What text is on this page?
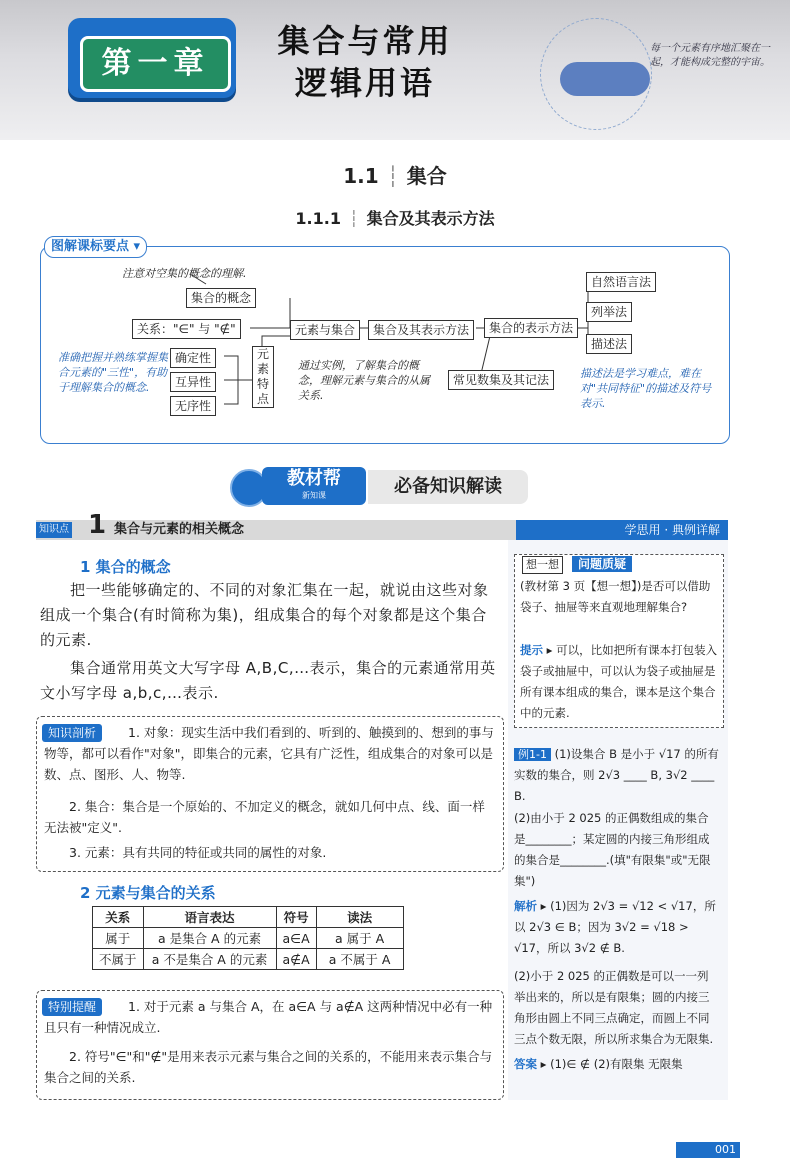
第一章
集合与常用
逻辑用语
每一个元素有序地汇聚在一起，才能构成完整的宇宙。
1.1 ┆ 集合
1.1.1 ┆ 集合及其表示方法
图解课标要点 ▾
注意对空集的概念的理解.
集合的概念
关系："∈" 与 "∉"	元素与集合	集合及其表示方法	集合的表示方法
自然语言法
列举法
描述法
常见数集及其记法
确定性
互异性
无序性
元素特点
准确把握并熟练掌握集合元素的"三性"，有助于理解集合的概念.
通过实例，了解集合的概念，理解元素与集合的从属关系.
描述法是学习难点，难在对"共同特征"的描述及符号表示.
教材帮
新知课	必备知识解读
学思用 · 典例详解
知识点 1 集合与元素的相关概念
1 集合的概念
把一些能够确定的、不同的对象汇集在一起，就说由这些对象组成一个集合(有时简称为集)，组成集合的每个对象都是这个集合的元素.
集合通常用英文大写字母 A,B,C,…表示，集合的元素通常用英文小写字母 a,b,c,…表示.
知识剖析	1. 对象：现实生活中我们看到的、听到的、触摸到的、想到的事与物等，都可以看作"对象"，即集合的元素，它具有广泛性，组成集合的对象可以是数、点、图形、人、物等.
2. 集合：集合是一个原始的、不加定义的概念，就如几何中点、线、面一样无法被"定义".
3. 元素：具有共同的特征或共同的属性的对象.
2 元素与集合的关系
关系	语言表达	符号	读法
属于	a 是集合 A 的元素	a∈A	a 属于 A
不属于	a 不是集合 A 的元素	a∉A	a 不属于 A
特别提醒	1. 对于元素 a 与集合 A，在 a∈A 与 a∉A 这两种情况中必有一种且只有一种情况成立.
2. 符号"∈"和"∉"是用来表示元素与集合之间的关系的，不能用来表示集合与集合之间的关系.
想一想	问题质疑
(教材第 3 页【想一想】)是否可以借助袋子、抽屉等来直观地理解集合?
提示 ▸ 可以，比如把所有课本打包装入袋子或抽屉中，可以认为袋子或抽屉是所有课本组成的集合，课本是这个集合中的元素.
例1-1 (1)设集合 B 是小于 √17 的所有实数的集合，则 2√3 ____ B, 3√2 ____ B.
(2)由小于 2 025 的正偶数组成的集合是________；某定圆的内接三角形组成的集合是________.(填"有限集"或"无限集")
解析 ▸ (1)因为 2√3 = √12 < √17，所以 2√3 ∈ B；因为 3√2 = √18 > √17，所以 3√2 ∉ B.
(2)小于 2 025 的正偶数是可以一一列举出来的，所以是有限集；圆的内接三角形由圆上不同三点确定，而圆上不同三点个数无限，所以所求集合为无限集.
答案 ▸ (1)∈ ∉ (2)有限集 无限集
001
